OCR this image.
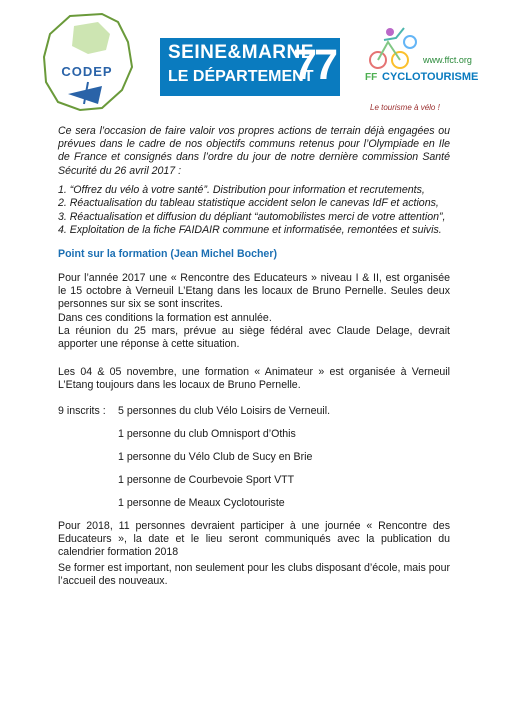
CODEP
SEINE&MARNE
LE DÉPARTEMENT
77	www.ffct.org
FF CYCLOTOURISME
Le tourisme à vélo !

Ce sera l’occasion de faire valoir vos propres actions de terrain déjà engagées ou prévues dans le cadre de nos objectifs communs retenus pour l’Olympiade en Ile de France et consignés dans l’ordre du jour de notre dernière commission Santé Sécurité du 26 avril 2017 :

1. “Offrez du vélo à votre santé”. Distribution pour information et recrutements,

2. Réactualisation du tableau statistique accident selon le canevas IdF et actions,

3. Réactualisation et diffusion du dépliant “automobilistes merci de votre attention”,

4. Exploitation de la fiche FAIDAIR commune et informatisée, remontées et suivis.

Point sur la formation (Jean Michel Bocher)

Pour l’année 2017 une « Rencontre des Educateurs » niveau I & II, est organisée le 15 octobre à Verneuil L’Etang dans les locaux de Bruno Pernelle. Seules deux personnes sur six se sont inscrites.

Dans ces conditions la formation est annulée.

La réunion du 25 mars, prévue au siège fédéral avec Claude Delage, devrait apporter une réponse à cette situation.

Les 04 & 05 novembre, une formation « Animateur » est organisée à Verneuil L’Etang toujours dans les locaux de Bruno Pernelle.

9 inscrits : 5 personnes du club Vélo Loisirs de Verneuil.
1 personne du club Omnisport d’Othis
1 personne du Vélo Club de Sucy en Brie
1 personne de Courbevoie Sport VTT
1 personne de Meaux Cyclotouriste

Pour 2018, 11 personnes devraient participer à une journée « Rencontre des Educateurs », la date et le lieu seront communiqués avec la publication du calendrier formation 2018

Se former est important, non seulement pour les clubs disposant d’école, mais pour l’accueil des nouveaux.
